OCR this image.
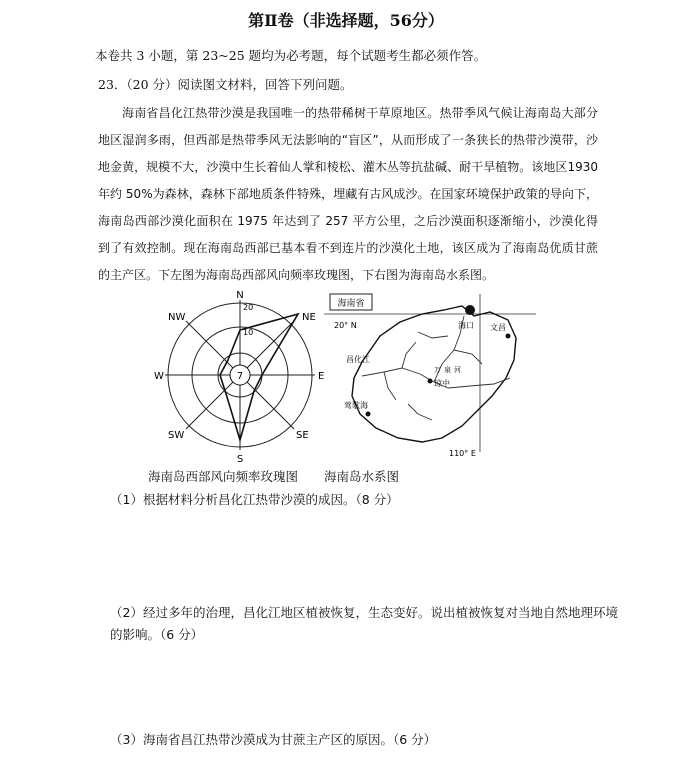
第Ⅱ卷（非选择题，56分）
本卷共 3 小题，第 23~25 题均为必考题，每个试题考生都必须作答。
23．（20 分）阅读图文材料，回答下列问题。
海南省昌化江热带沙漠是我国唯一的热带稀树干草原地区。热带季风气候让海南岛大部分地区湿润多雨，但西部是热带季风无法影响的“盲区”，从而形成了一条狭长的热带沙漠带，沙地金黄，规模不大，沙漠中生长着仙人掌和棱松、灌木丛等抗盐碱、耐干旱植物。该地区1930 年约 50%为森林，森林下部地质条件特殊，埋藏有古风成沙。在国家环境保护政策的导向下，海南岛西部沙漠化面积在 1975 年达到了 257 平方公里，之后沙漠面积逐渐缩小，沙漠化得到了有效控制。现在海南岛西部已基本看不到连片的沙漠化土地，该区成为了海南岛优质甘蔗的主产区。下左图为海南岛西部风向频率玫瑰图，下右图为海南岛水系图。
N
NE
E
SE
S
SW
W
NW
20
10
7
海南省
20° N
110° E
海口 文昌
昌化江
万 泉 河
琼中
莺歌海
海南岛西部风向频率玫瑰图 海南岛水系图
（1）根据材料分析昌化江热带沙漠的成因。（8 分）
（2）经过多年的治理，昌化江地区植被恢复，生态变好。说出植被恢复对当地自然地理环境的影响。（6 分）
（3）海南省昌江热带沙漠成为甘蔗主产区的原因。（6 分）
